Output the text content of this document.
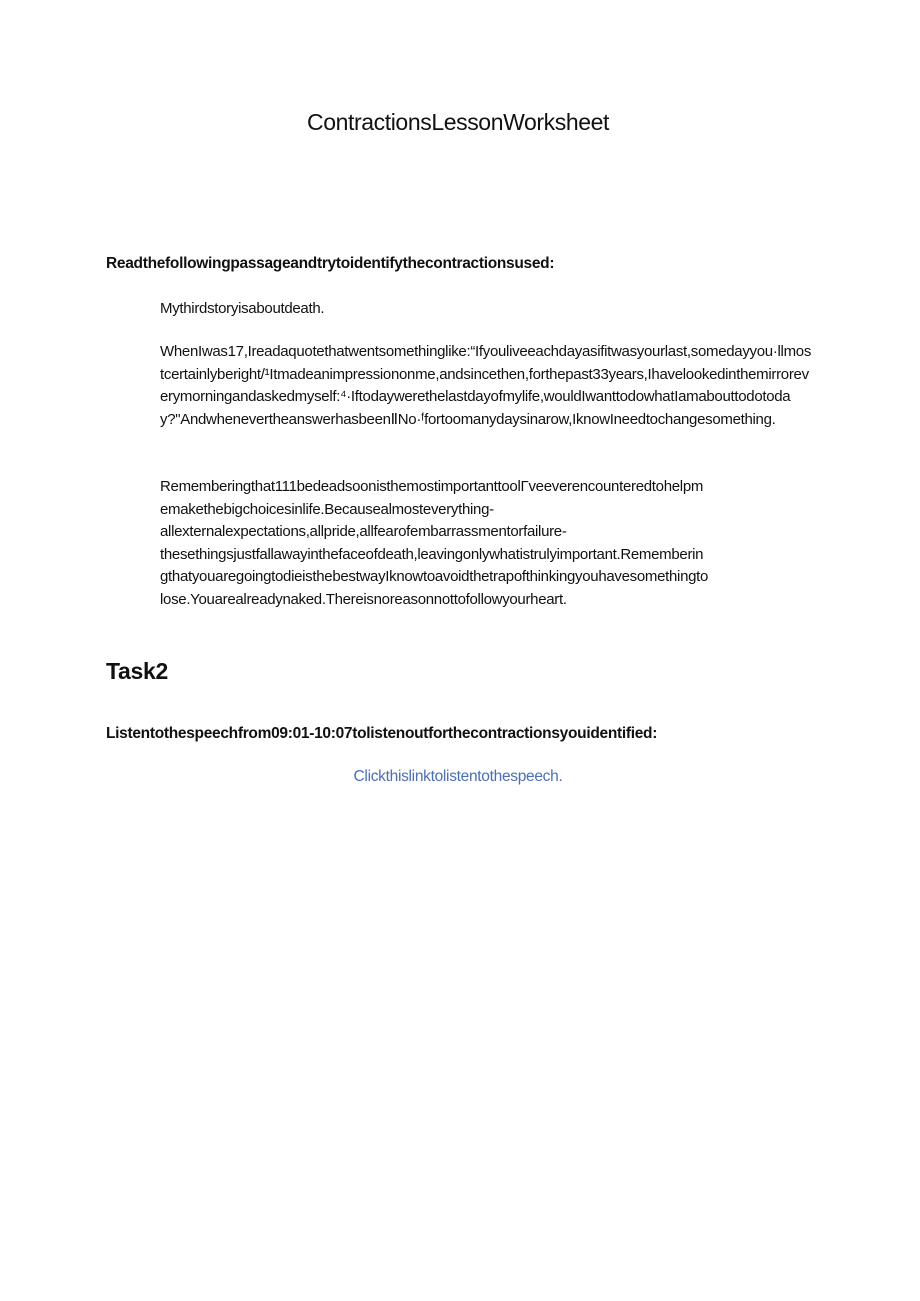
ContractionsLessonWorksheet

Readthefollowingpassageandtrytoidentifythecontractionsused:

Mythirdstoryisaboutdeath.

WhenIwas17,Ireadaquotethatwentsomethinglike:“Ifyouliveeachdayasifitwasyourlast,somedayyou·llmostcertainlyberight/¹Itmadeanimpressiononme,andsincethen,forthepast33years,Ihavelookedinthemirroreverymorningandaskedmyself:⁴·Iftodaywerethelastdayofmylife,wouldIwanttodowhatIamabouttodotoday?"AndwhenevertheanswerhasbeenⅡNo·ᶠfortoomanydaysinarow,IknowIneedtochangesomething.

Rememberingthat111bedeadsoonisthemostimportanttoolΓveeverencounteredtohelpm
emakethebigchoicesinlife.Becausealmosteverything-
allexternalexpectations,allpride,allfearofembarrassmentorfailure-
thesethingsjustfallawayinthefaceofdeath,leavingonlywhatistrulyimportant.Rememberin
gthatyouaregoingtodieisthebestwayIknowtoavoidthetrapofthinkingyouhavesomethingto
lose.Youarealreadynaked.Thereisnoreasonnottofollowyourheart.
Task2

Listentothespeechfrom09:01-10:07tolistenoutforthecontractionsyouidentified:

Clickthislinktolistentothespeech.
